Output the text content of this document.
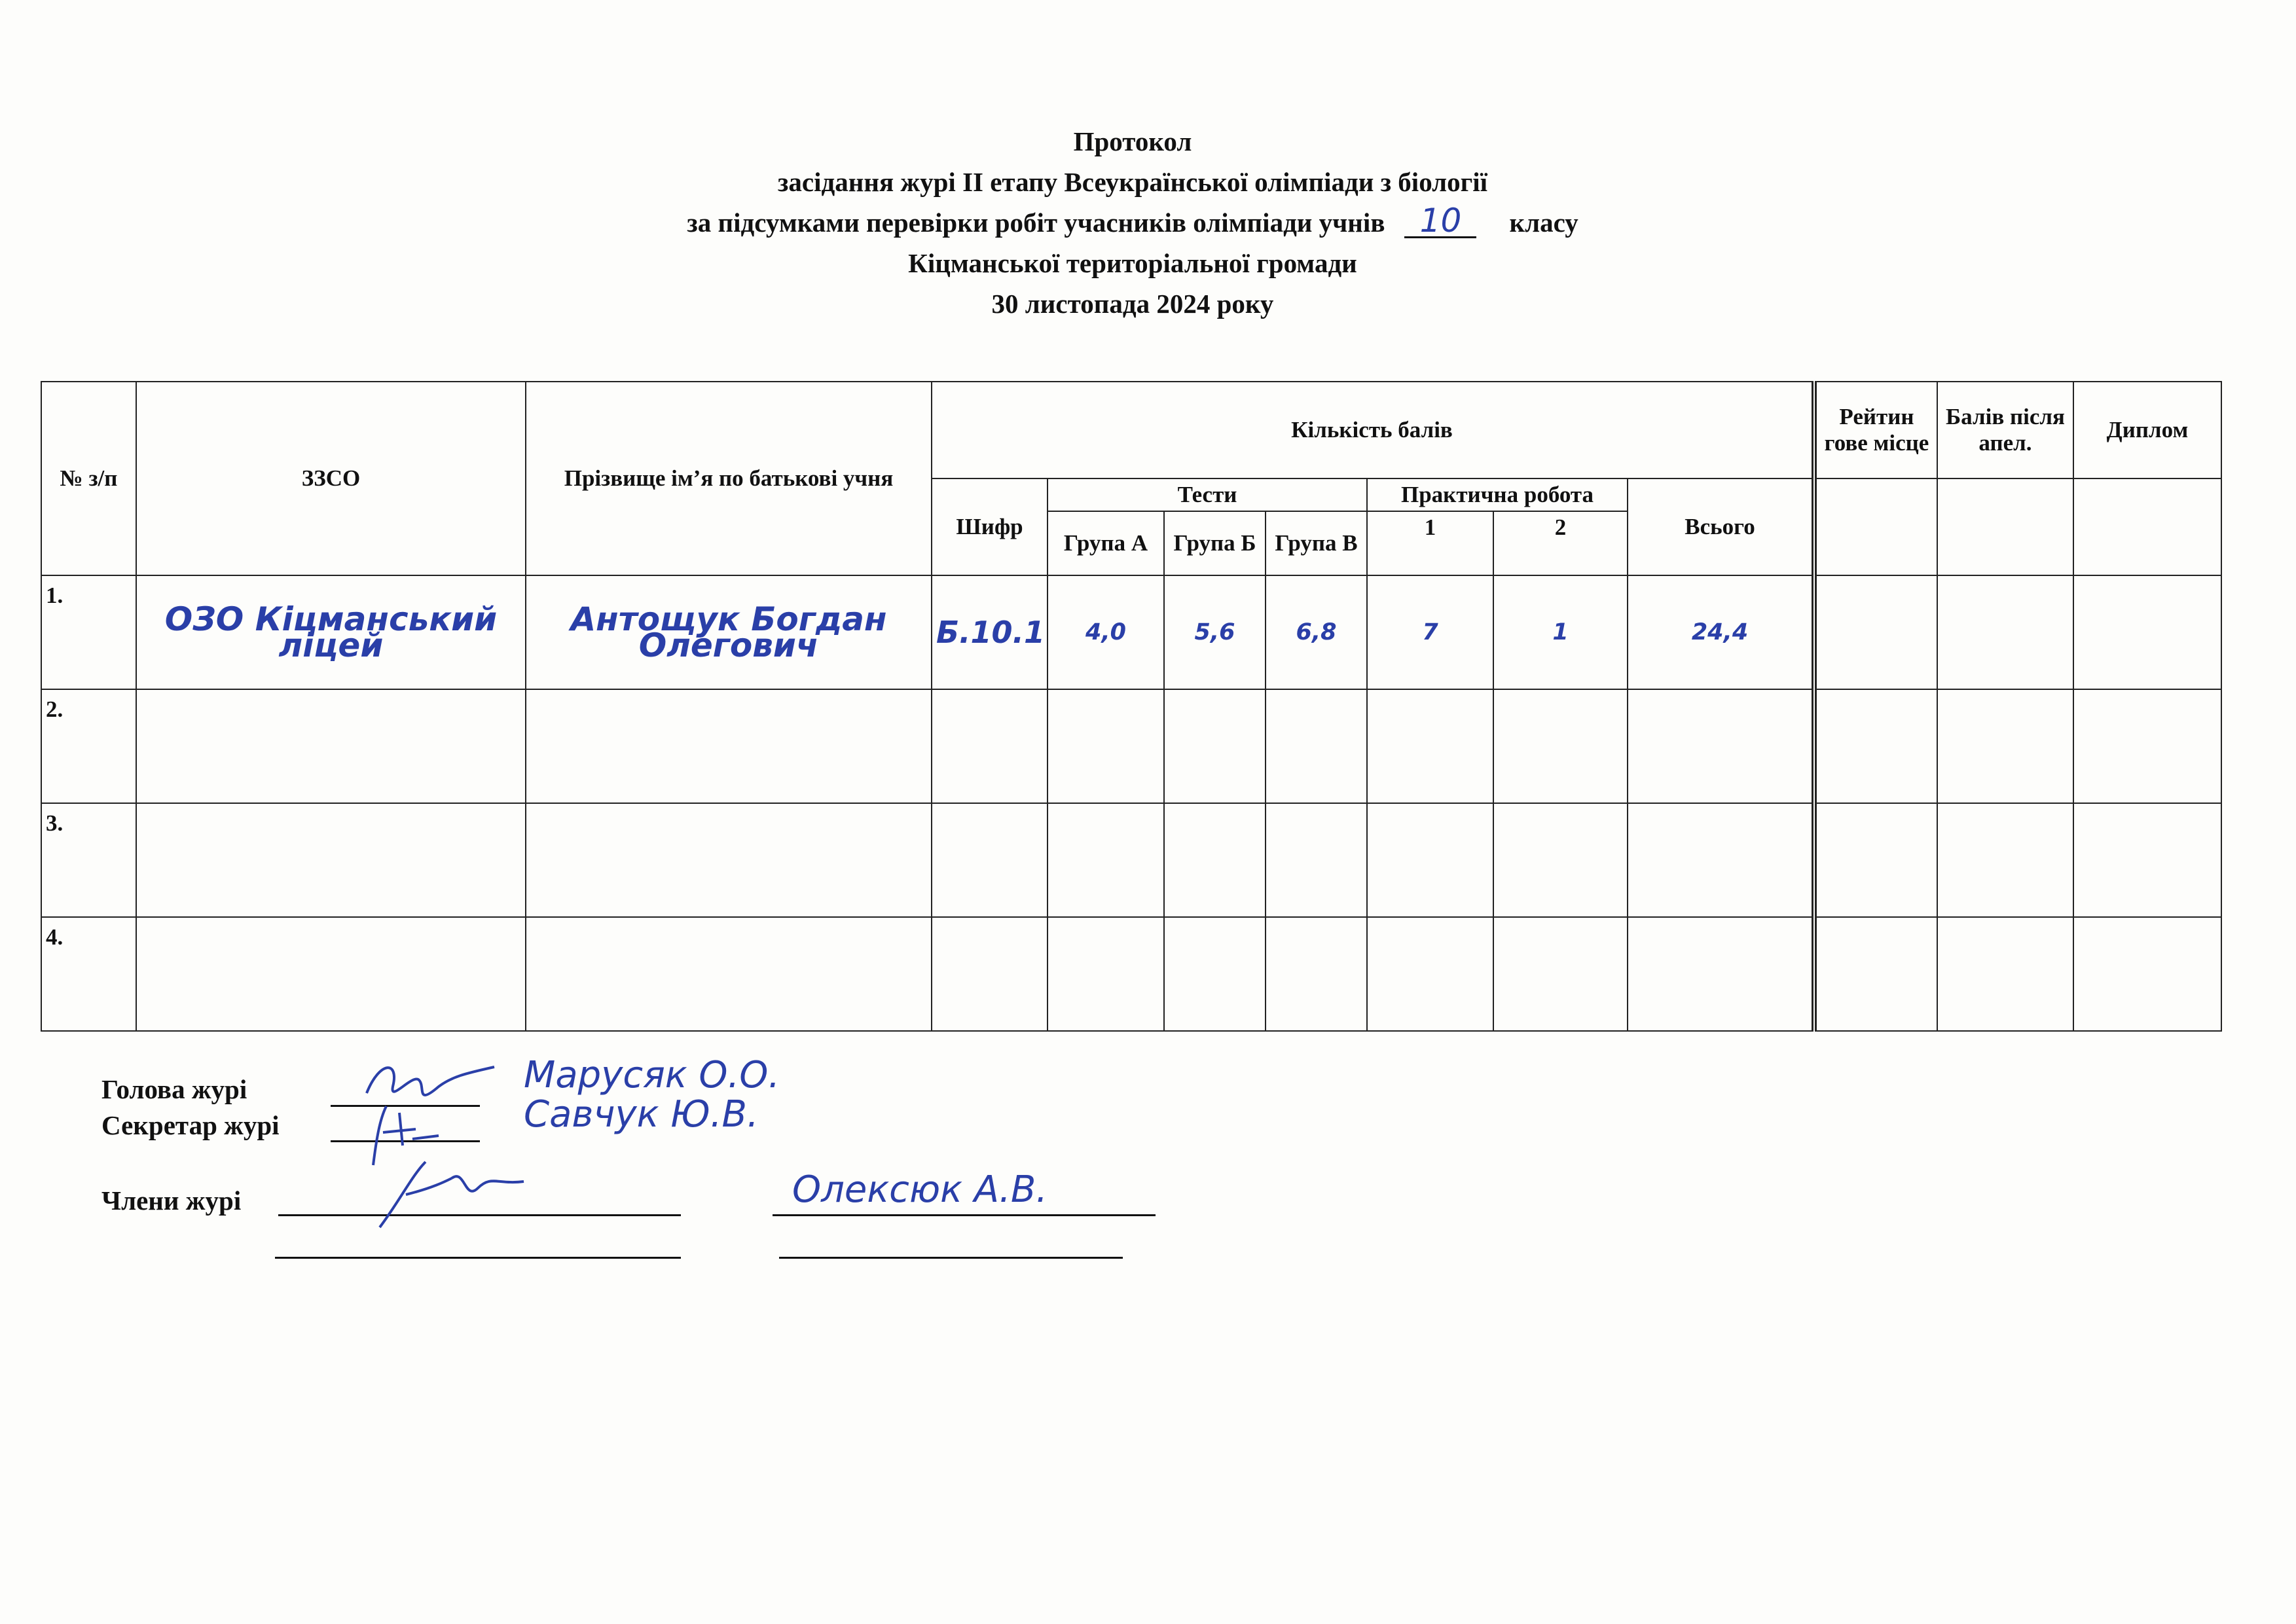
Протокол
засідання журі ІІ етапу Всеукраїнської олімпіади з біології
за підсумками перевірки робіт учасників олімпіади учнів 10 класу
Кіцманської територіальної громади
30 листопада 2024 року
№ з/п	ЗЗСО	Прізвище ім’я по батькові учня	Кількість балів							Рейтин гове місце	Балів після апел.	Диплом
			Шифр	Тести			Практична робота		Всього			
				Група А	Група Б	Група В	1	2				
1.	ОЗО Кіцманський ліцей	Антощук Богдан Олегович	Б.10.1	4,0	5,6	6,8	7	1	24,4			
2.												
3.												
4.												
Голова журі	Марусяк О.О.
Секретар журі	Савчук Ю.В.
Члени журі	Олексюк А.В.
